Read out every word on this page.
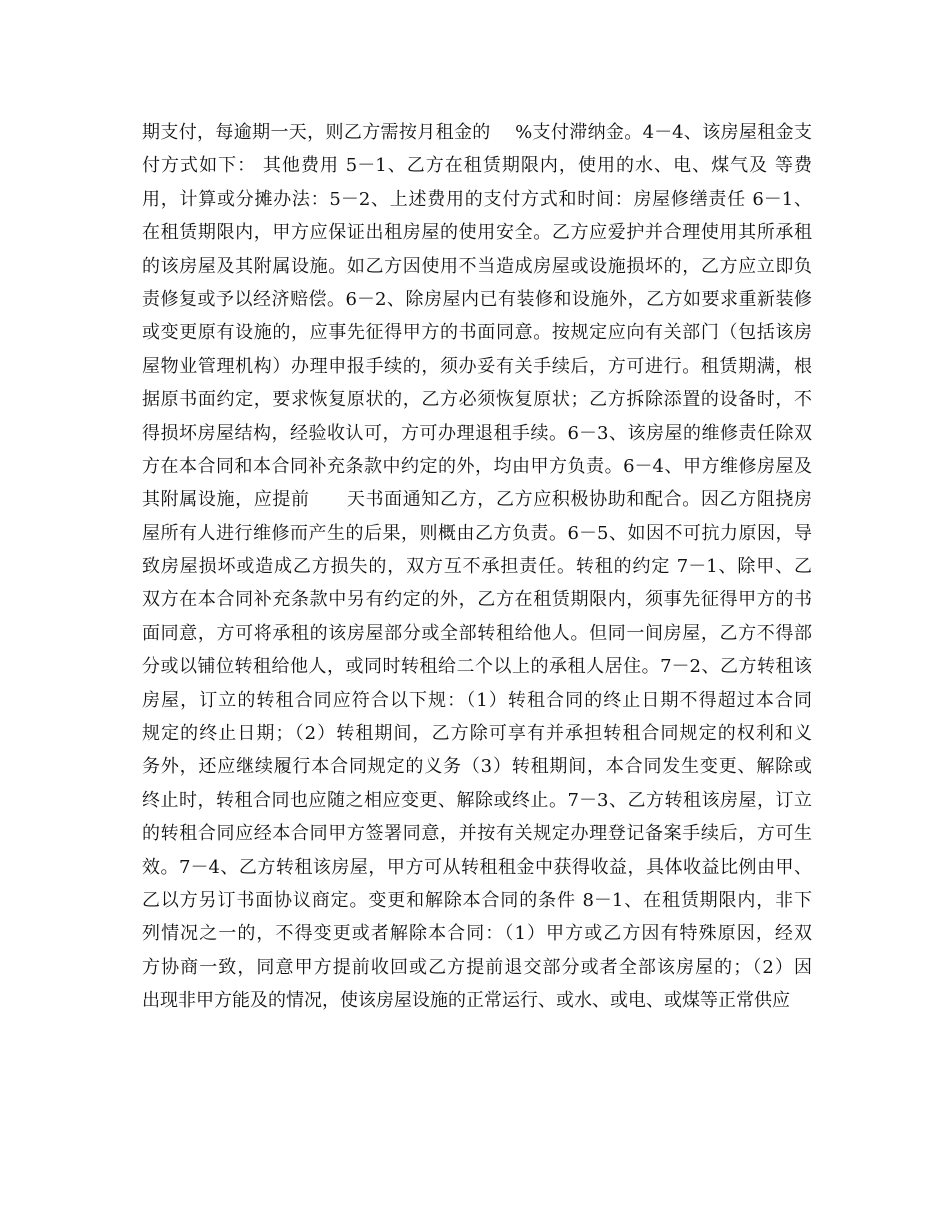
期支付，每逾期一天，则乙方需按月租金的　 %支付滞纳金。4－4、该房屋租金支
付方式如下： 其他费用 5－1、乙方在租赁期限内，使用的水、电、煤气及 等费
用，计算或分摊办法：5－2、上述费用的支付方式和时间：房屋修缮责任 6－1、
在租赁期限内，甲方应保证出租房屋的使用安全。乙方应爱护并合理使用其所承租
的该房屋及其附属设施。如乙方因使用不当造成房屋或设施损坏的，乙方应立即负
责修复或予以经济赔偿。6－2、除房屋内已有装修和设施外，乙方如要求重新装修
或变更原有设施的，应事先征得甲方的书面同意。按规定应向有关部门（包括该房
屋物业管理机构）办理申报手续的，须办妥有关手续后，方可进行。租赁期满，根
据原书面约定，要求恢复原状的，乙方必须恢复原状；乙方拆除添置的设备时，不
得损坏房屋结构，经验收认可，方可办理退租手续。6－3、该房屋的维修责任除双
方在本合同和本合同补充条款中约定的外，均由甲方负责。6－4、甲方维修房屋及
其附属设施，应提前　　天书面通知乙方，乙方应积极协助和配合。因乙方阻挠房
屋所有人进行维修而产生的后果，则概由乙方负责。6－5、如因不可抗力原因，导
致房屋损坏或造成乙方损失的，双方互不承担责任。转租的约定 7－1、除甲、乙
双方在本合同补充条款中另有约定的外，乙方在租赁期限内，须事先征得甲方的书
面同意，方可将承租的该房屋部分或全部转租给他人。但同一间房屋，乙方不得部
分或以铺位转租给他人，或同时转租给二个以上的承租人居住。7－2、乙方转租该
房屋，订立的转租合同应符合以下规：（1）转租合同的终止日期不得超过本合同
规定的终止日期；（2）转租期间，乙方除可享有并承担转租合同规定的权利和义
务外，还应继续履行本合同规定的义务（3）转租期间，本合同发生变更、解除或
终止时，转租合同也应随之相应变更、解除或终止。7－3、乙方转租该房屋，订立
的转租合同应经本合同甲方签署同意，并按有关规定办理登记备案手续后，方可生
效。7－4、乙方转租该房屋，甲方可从转租租金中获得收益，具体收益比例由甲、
乙以方另订书面协议商定。变更和解除本合同的条件 8－1、在租赁期限内，非下
列情况之一的，不得变更或者解除本合同：（1）甲方或乙方因有特殊原因，经双
方协商一致，同意甲方提前收回或乙方提前退交部分或者全部该房屋的；（2）因
出现非甲方能及的情况，使该房屋设施的正常运行、或水、或电、或煤等正常供应
